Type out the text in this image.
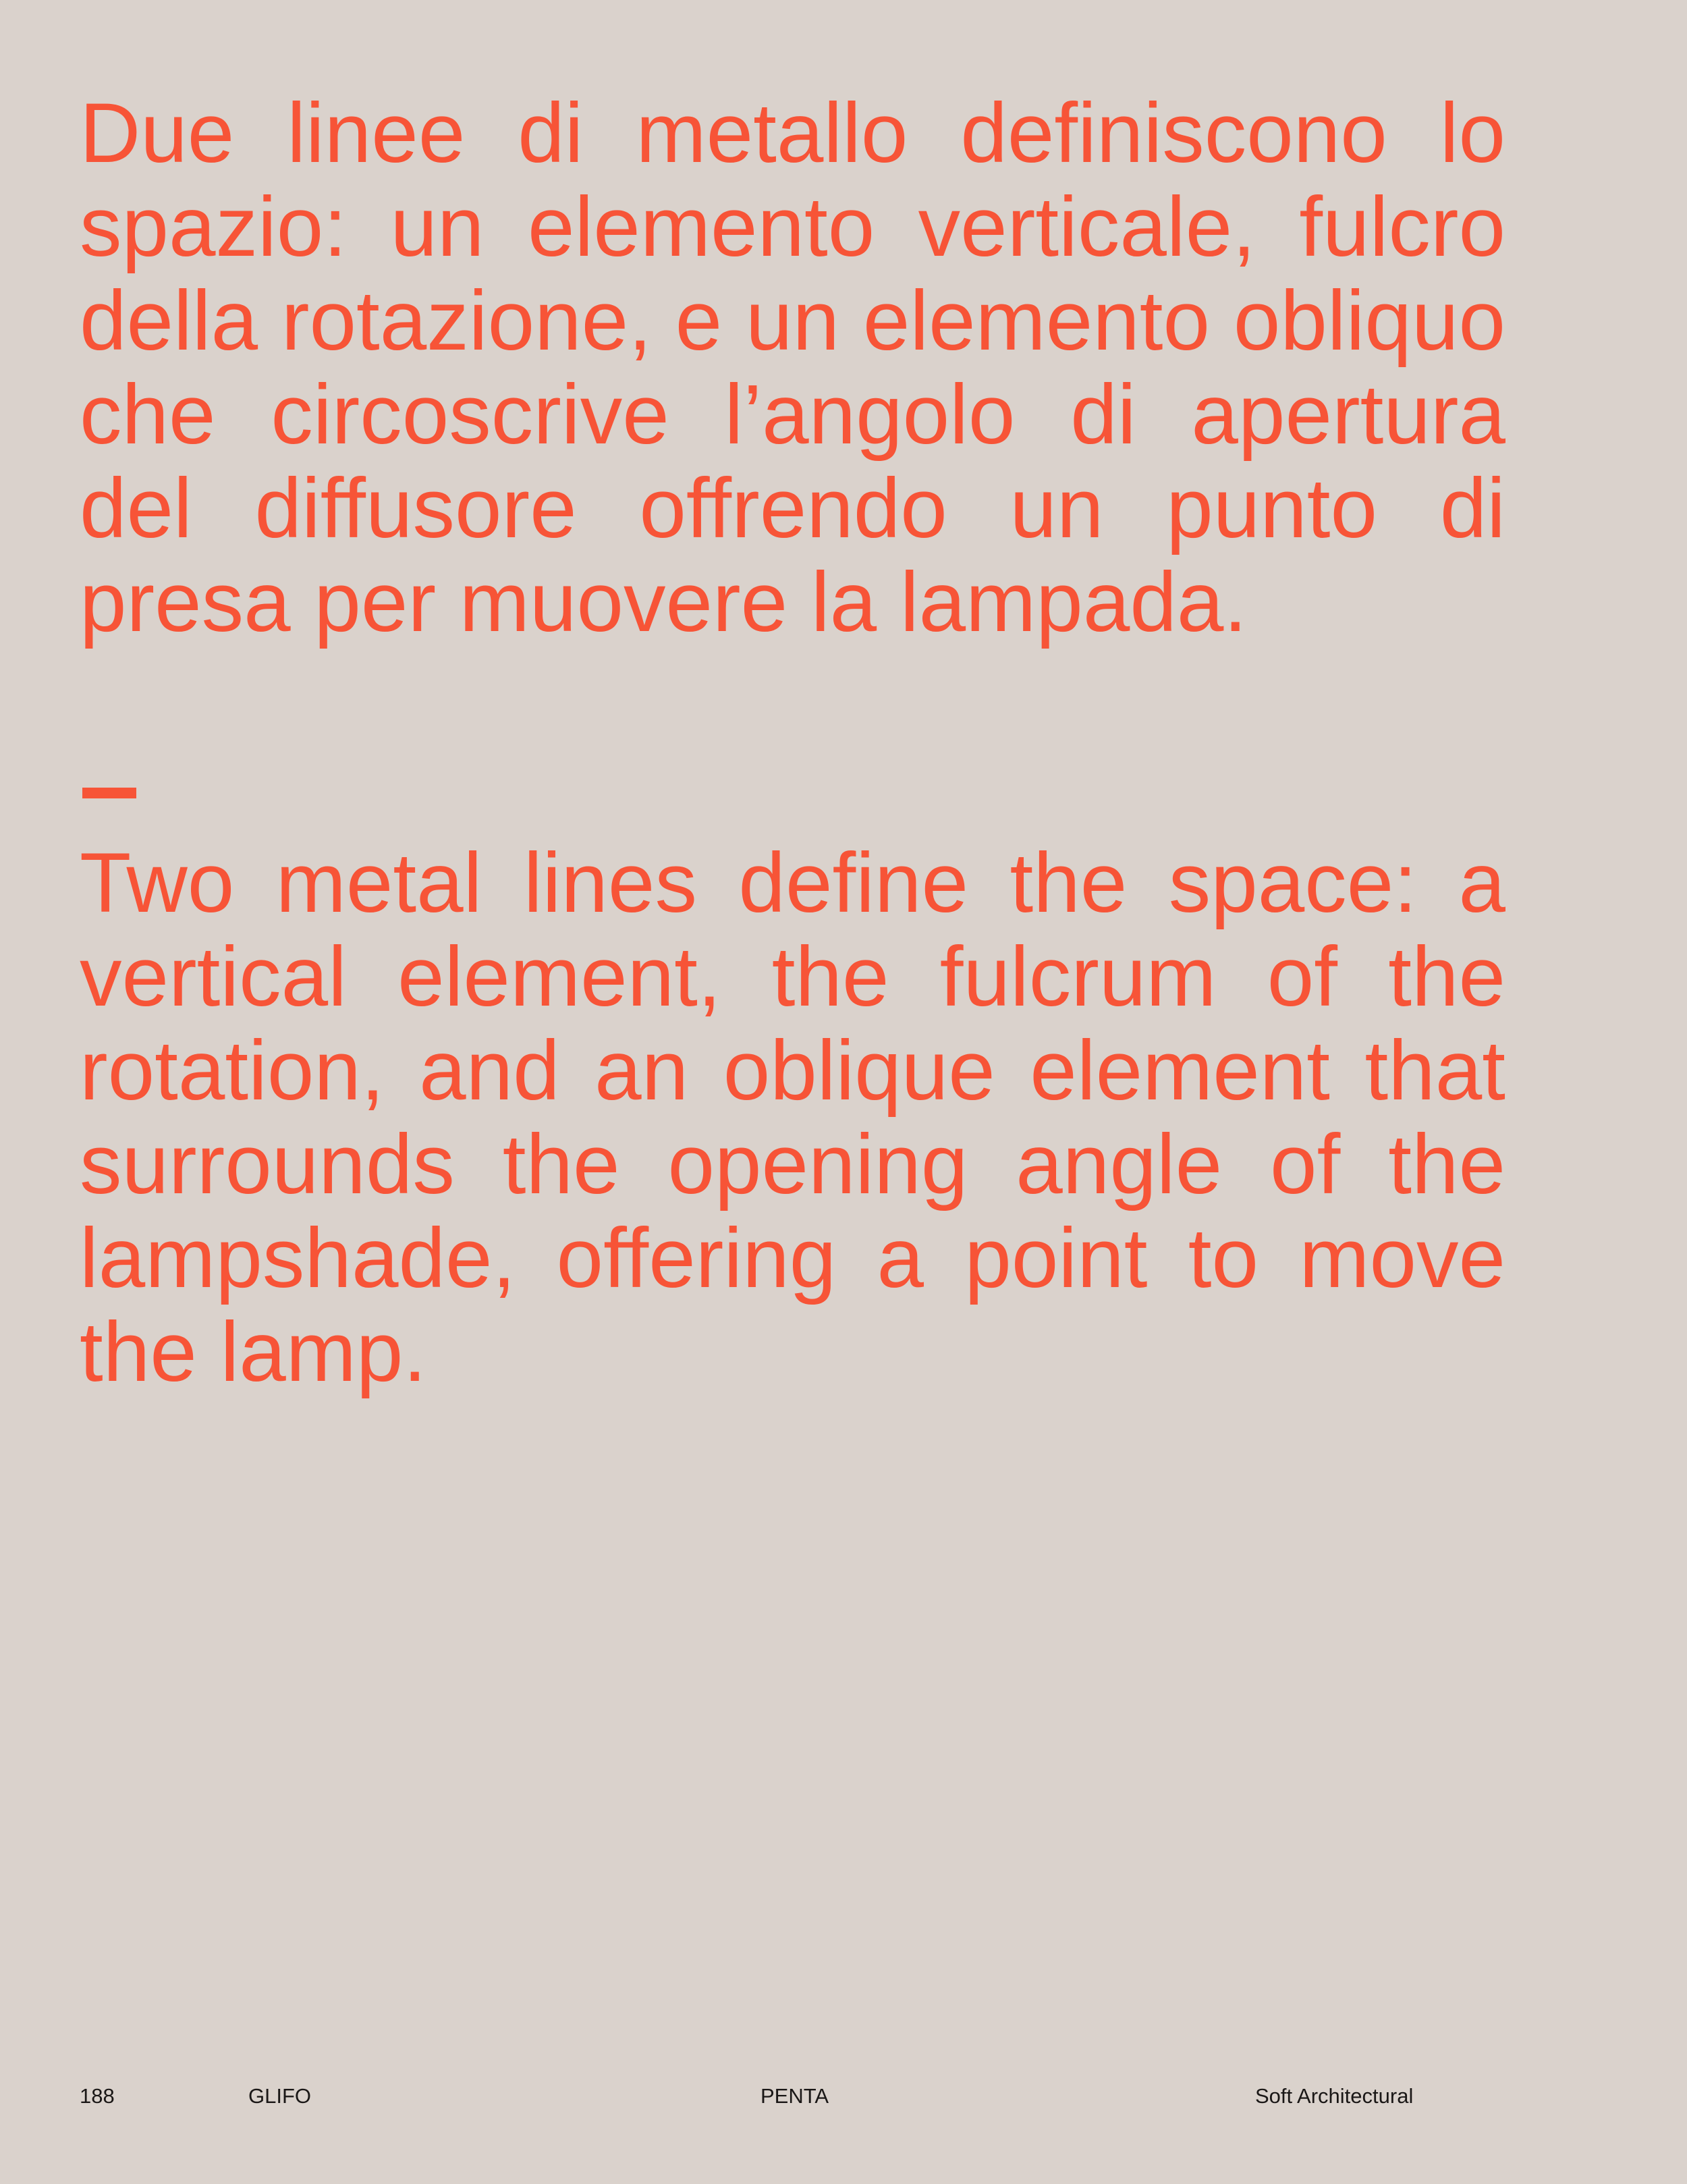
Due linee di metallo definiscono lo spazio: un elemento verticale, fulcro della rotazione, e un elemento obliquo che circoscrive l’angolo di apertura del diffusore offrendo un punto di presa per muovere la lampada.

Two metal lines define the space: a vertical element, the fulcrum of the rotation, and an oblique element that surrounds the opening angle of the lampshade, offering a point to move the lamp.

188	GLIFO	PENTA	Soft Architectural
